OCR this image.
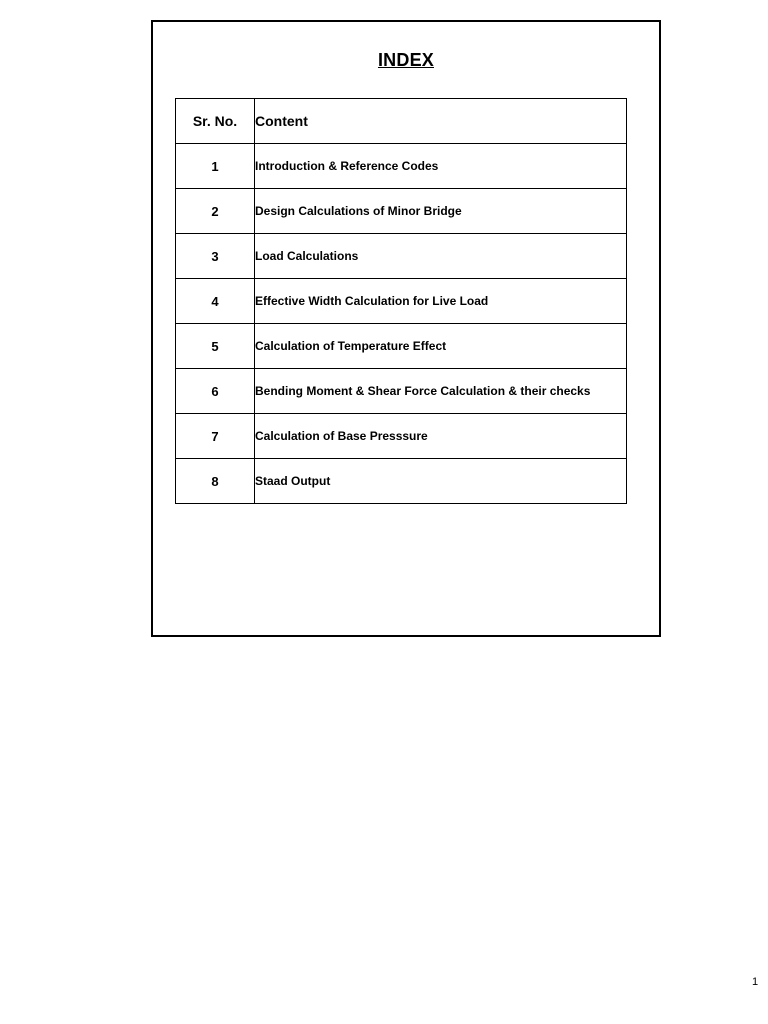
INDEX
Sr. No.	Content
1	Introduction & Reference Codes
2	Design Calculations of Minor Bridge
3	Load Calculations
4	Effective Width Calculation for Live Load
5	Calculation of Temperature Effect
6	Bending Moment & Shear Force Calculation & their checks
7	Calculation of Base Presssure
8	Staad Output
1
